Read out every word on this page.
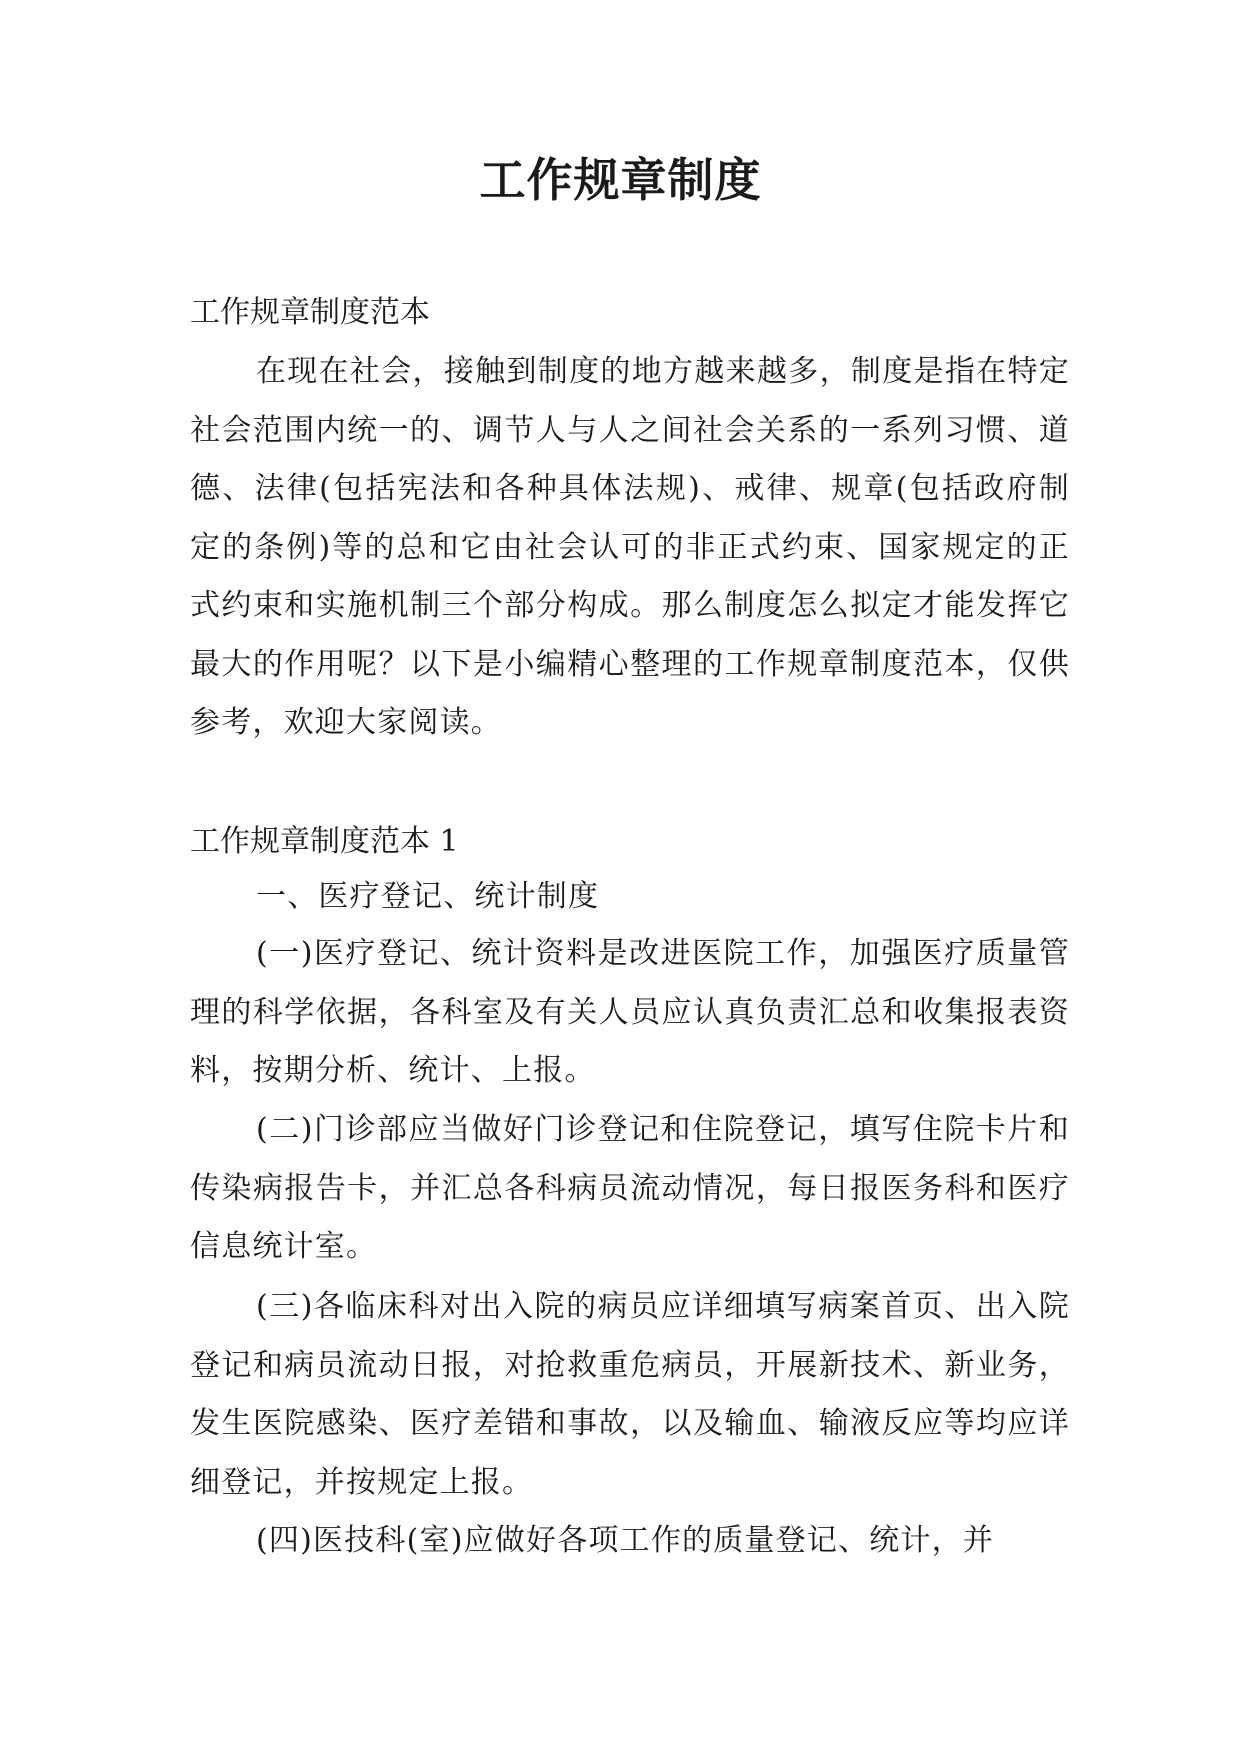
工作规章制度
工作规章制度范本

在现在社会，接触到制度的地方越来越多，制度是指在特定社会范围内统一的、调节人与人之间社会关系的一系列习惯、道德、法律(包括宪法和各种具体法规)、戒律、规章(包括政府制定的条例)等的总和它由社会认可的非正式约束、国家规定的正式约束和实施机制三个部分构成。那么制度怎么拟定才能发挥它最大的作用呢？以下是小编精心整理的工作规章制度范本，仅供参考，欢迎大家阅读。

工作规章制度范本 1

一、医疗登记、统计制度

(一)医疗登记、统计资料是改进医院工作，加强医疗质量管理的科学依据，各科室及有关人员应认真负责汇总和收集报表资料，按期分析、统计、上报。

(二)门诊部应当做好门诊登记和住院登记，填写住院卡片和传染病报告卡，并汇总各科病员流动情况，每日报医务科和医疗信息统计室。

(三)各临床科对出入院的病员应详细填写病案首页、出入院登记和病员流动日报，对抢救重危病员，开展新技术、新业务，发生医院感染、医疗差错和事故，以及输血、输液反应等均应详细登记，并按规定上报。

(四)医技科(室)应做好各项工作的质量登记、统计，并
